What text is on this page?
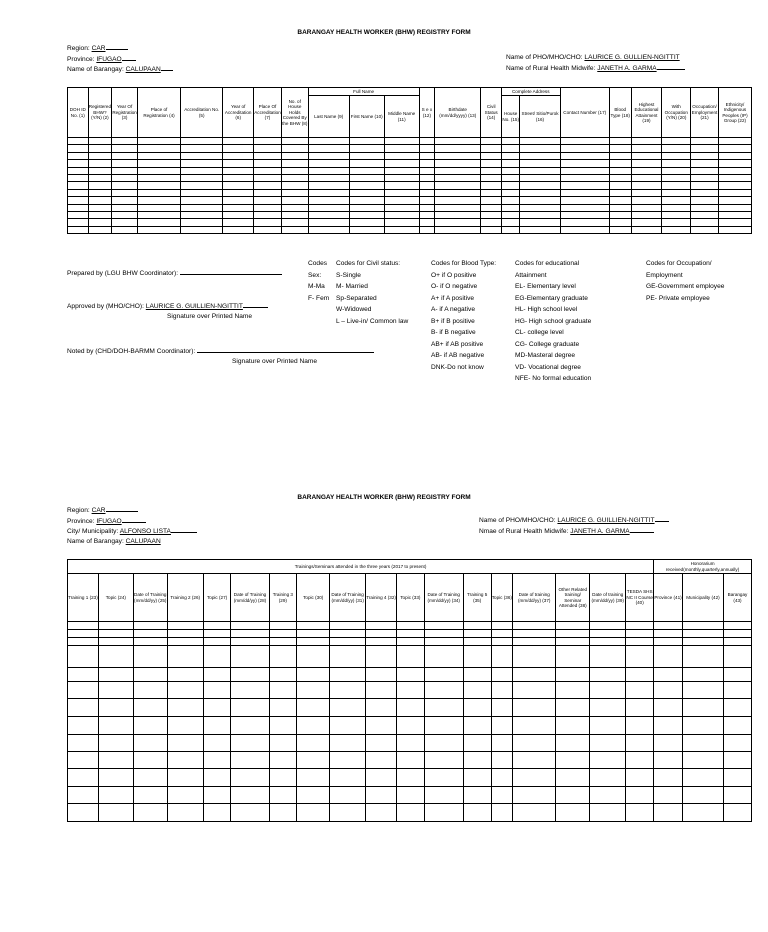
BARANGAY HEALTH WORKER (BHW) REGISTRY FORM
Region: CAR
Province: IFUGAO
Name of Barangay: CALUPAAN
Name of PHO/MHO/CHO: LAURICE G. GULLIEN-NGITTIT
Name of Rural Health Midwife: JANETH A. GARMA
DOH ID No. (1)	Registered BHW? (Y/N) (2)	Year Of Registration (3)	Place of Registration (4)	Accreditation No. (5)	Year of Accreditation (6)	Place Of Accreditation (7)	No. of House Holds Covered By the BHW (8)	Full Name			S e x (12)	Birthdate (mm/dd/yyyy) (13)	Civil Status (14)	Complete Address		Contact Number (17)	Blood Type (18)	Highest Educational Attainment (19)	With Occupation (Y/N) (20)	Occupation/ Employment (21)	Ethnicity/ Indigenous Peoples (IP) Group (22)
								Last Name (9)	First Name (10)	Middle Name (11)				House No. (15)	Street/ Sitio/Purok (16)						

Prepared by (LGU BHW Coordinator):
Approved by (MHO/CHO): LAURICE G. GUILLIEN-NGITTIT
Signature over Printed Name
Noted by (CHD/DOH-BARMM Coordinator):
Signature over Printed Name
Codes
Sex:
M-Ma
F- Fem
Codes for Civil status:
S-Single
M- Married
Sp-Separated
W-Widowed
L – Live-in/ Common law
Codes for Blood Type:
O+ if O positive
O- if O negative
A+ if A positive
A- if A negative
B+ if B positive
B- if B negative
AB+ if AB positive
AB- if AB negative
DNK-Do not know
Codes for educational
Attainment
EL- Elementary level
EG-Elementary graduate
HL- High school level
HG- High school graduate
CL- college level
CG- College graduate
MD-Masteral degree
VD- Vocational degree
NFE- No formal education
Codes for Occupation/
Employment
GE-Government employee
PE- Private employee
BARANGAY HEALTH WORKER (BHW) REGISTRY FORM
Region: CAR
Province: IFUGAO
City/ Municipality: ALFONSO LISTA
Name of Barangay: CALUPAAN
Name of PHO/MHO/CHO: LAURICE G. GUILLIEN-NGITTIT
Nmae of Rural Health Midwife: JANETH A. GARMA
Trainings/Seminars attended in the three years (2017 to present)																		Honorarium received(monthly,quarterly,annually)		
Training 1 (23)	Topic (24)	Date of Training (mm/dd/yy) (25)	Training 2 (26)	Topic (27)	Date of Training (mm/dd/yy) (28)	Training 3 (29)	Topic (30)	Date of Training (mm/dd/yy) (31)	Training 4 (32)	Topic (33)	Date of Training (mm/dd/yy) (34)	Training 5 (35)	Topic (36)	Date of training (mm/dd/yy) (37)	Other Related training/ Seminar Attended (38)	Date of training (mm/dd/yy) (39)	TESDA SHS NC II Course (40)	Province (41)	Municipality (42)	Barangay (43)
